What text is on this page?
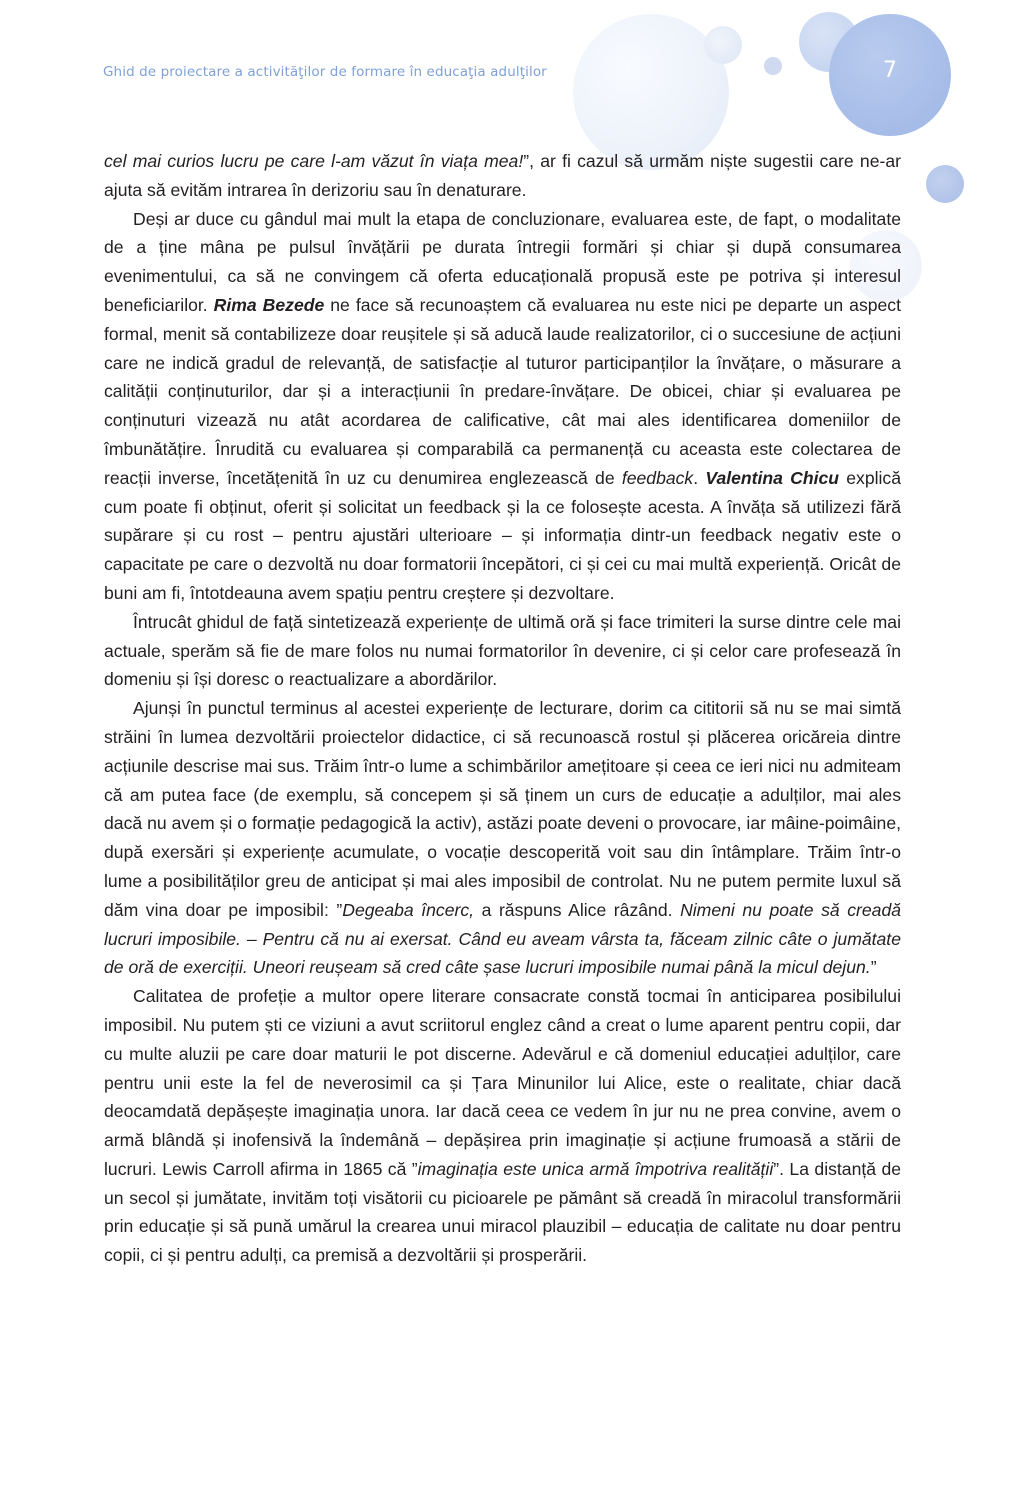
Ghid de proiectare a activităţilor de formare în educaţia adulţilor	7

cel mai curios lucru pe care l-am văzut în viața mea!”, ar fi cazul să urmăm niște sugestii care ne-ar ajuta să evităm intrarea în derizoriu sau în denaturare.

Deși ar duce cu gândul mai mult la etapa de concluzionare, evaluarea este, de fapt, o modalitate de a ține mâna pe pulsul învățării pe durata întregii formări și chiar și după consumarea evenimentului, ca să ne convingem că oferta educațională propusă este pe potriva și interesul beneficiarilor. Rima Bezede ne face să recunoaștem că evaluarea nu este nici pe departe un aspect formal, menit să contabilizeze doar reușitele și să aducă laude realizatorilor, ci o succesiune de acțiuni care ne indică gradul de relevanță, de satisfacție al tuturor participanților la învățare, o măsurare a calității conținuturilor, dar și a interacțiunii în predare-învățare. De obicei, chiar și evaluarea pe conținuturi vizează nu atât acordarea de calificative, cât mai ales identificarea domeniilor de îmbunătățire. Înrudită cu evaluarea și comparabilă ca permanență cu aceasta este colectarea de reacții inverse, încetățenită în uz cu denumirea englezească de feedback. Valentina Chicu explică cum poate fi obținut, oferit și solicitat un feedback și la ce folosește acesta. A învăța să utilizezi fără supărare și cu rost – pentru ajustări ulterioare – și informația dintr-un feedback negativ este o capacitate pe care o dezvoltă nu doar formatorii începători, ci și cei cu mai multă experiență. Oricât de buni am fi, întotdeauna avem spațiu pentru creștere și dezvoltare.

Întrucât ghidul de față sintetizează experiențe de ultimă oră și face trimiteri la surse dintre cele mai actuale, sperăm să fie de mare folos nu numai formatorilor în devenire, ci și celor care profesează în domeniu și își doresc o reactualizare a abordărilor.

Ajunși în punctul terminus al acestei experiențe de lecturare, dorim ca cititorii să nu se mai simtă străini în lumea dezvoltării proiectelor didactice, ci să recunoască rostul și plăcerea oricăreia dintre acțiunile descrise mai sus. Trăim într-o lume a schimbărilor amețitoare și ceea ce ieri nici nu admiteam că am putea face (de exemplu, să concepem și să ținem un curs de educație a adulților, mai ales dacă nu avem și o formație pedagogică la activ), astăzi poate deveni o provocare, iar mâine-poimâine, după exersări și experiențe acumulate, o vocație descoperită voit sau din întâmplare. Trăim într-o lume a posibilităților greu de anticipat și mai ales imposibil de controlat. Nu ne putem permite luxul să dăm vina doar pe imposibil: ”Degeaba încerc, a răspuns Alice râzând. Nimeni nu poate să creadă lucruri imposibile. – Pentru că nu ai exersat. Când eu aveam vârsta ta, făceam zilnic câte o jumătate de oră de exerciții. Uneori reușeam să cred câte șase lucruri imposibile numai până la micul dejun.”

Calitatea de profeție a multor opere literare consacrate constă tocmai în anticiparea posibilului imposibil. Nu putem ști ce viziuni a avut scriitorul englez când a creat o lume aparent pentru copii, dar cu multe aluzii pe care doar maturii le pot discerne. Adevărul e că domeniul educației adulților, care pentru unii este la fel de neverosimil ca și Țara Minunilor lui Alice, este o realitate, chiar dacă deocamdată depășește imaginația unora. Iar dacă ceea ce vedem în jur nu ne prea convine, avem o armă blândă și inofensivă la îndemână – depășirea prin imaginație și acțiune frumoasă a stării de lucruri. Lewis Carroll afirma in 1865 că ”imaginația este unica armă împotriva realității”. La distanță de un secol și jumătate, invităm toți visătorii cu picioarele pe pământ să creadă în miracolul transformării prin educație și să pună umărul la crearea unui miracol plauzibil – educația de calitate nu doar pentru copii, ci și pentru adulți, ca premisă a dezvoltării și prosperării.
